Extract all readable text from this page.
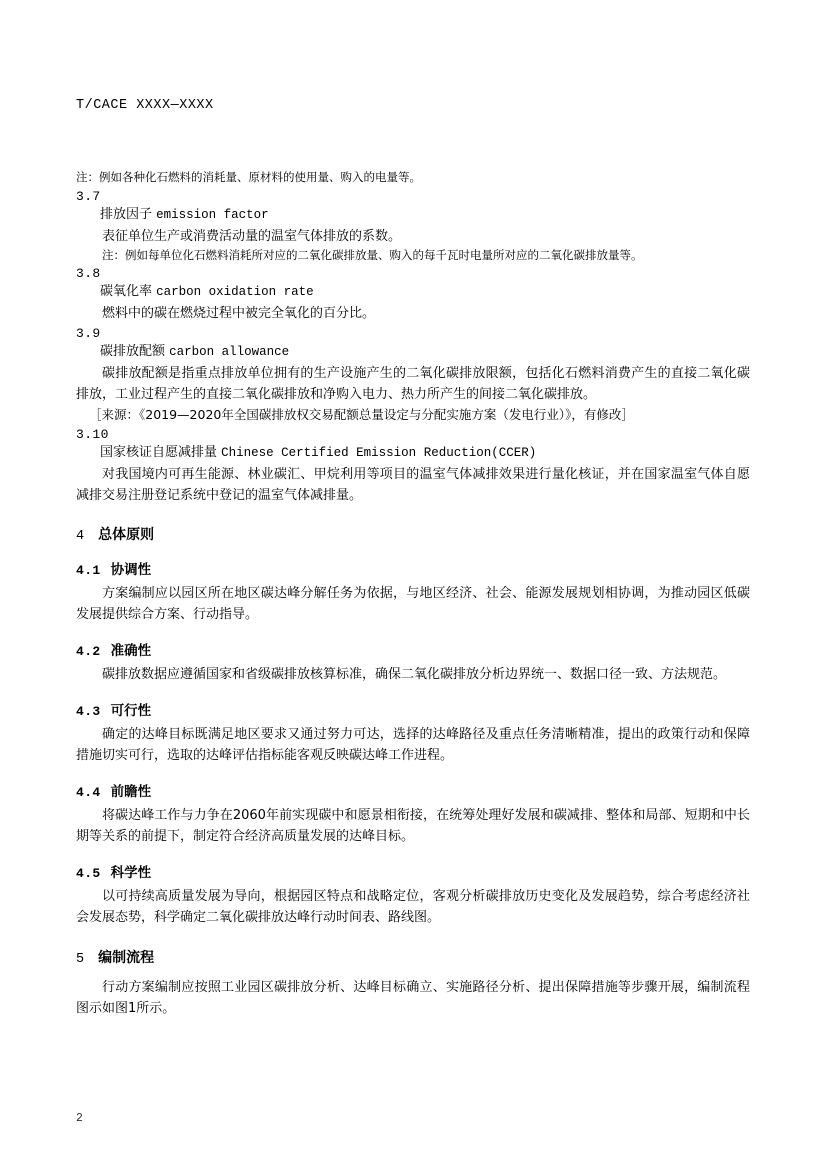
T/CACE XXXX—XXXX

注：例如各种化石燃料的消耗量、原材料的使用量、购入的电量等。

3.7

排放因子 emission factor

表征单位生产或消费活动量的温室气体排放的系数。

注：例如每单位化石燃料消耗所对应的二氧化碳排放量、购入的每千瓦时电量所对应的二氧化碳排放量等。

3.8

碳氧化率 carbon oxidation rate

燃料中的碳在燃烧过程中被完全氧化的百分比。

3.9

碳排放配额 carbon allowance

碳排放配额是指重点排放单位拥有的生产设施产生的二氧化碳排放限额，包括化石燃料消费产生的直接二氧化碳排放，工业过程产生的直接二氧化碳排放和净购入电力、热力所产生的间接二氧化碳排放。

［来源：《2019—2020年全国碳排放权交易配额总量设定与分配实施方案（发电行业）》，有修改］

3.10

国家核证自愿减排量 Chinese Certified Emission Reduction(CCER)

对我国境内可再生能源、林业碳汇、甲烷利用等项目的温室气体减排效果进行量化核证，并在国家温室气体自愿减排交易注册登记系统中登记的温室气体减排量。

4 总体原则
4.1 协调性

方案编制应以园区所在地区碳达峰分解任务为依据，与地区经济、社会、能源发展规划相协调，为推动园区低碳发展提供综合方案、行动指导。

4.2 准确性

碳排放数据应遵循国家和省级碳排放核算标准，确保二氧化碳排放分析边界统一、数据口径一致、方法规范。

4.3 可行性

确定的达峰目标既满足地区要求又通过努力可达，选择的达峰路径及重点任务清晰精准，提出的政策行动和保障措施切实可行，选取的达峰评估指标能客观反映碳达峰工作进程。

4.4 前瞻性

将碳达峰工作与力争在2060年前实现碳中和愿景相衔接，在统筹处理好发展和碳减排、整体和局部、短期和中长期等关系的前提下，制定符合经济高质量发展的达峰目标。

4.5 科学性

以可持续高质量发展为导向，根据园区特点和战略定位，客观分析碳排放历史变化及发展趋势，综合考虑经济社会发展态势，科学确定二氧化碳排放达峰行动时间表、路线图。

5 编制流程

行动方案编制应按照工业园区碳排放分析、达峰目标确立、实施路径分析、提出保障措施等步骤开展，编制流程图示如图1所示。

2
